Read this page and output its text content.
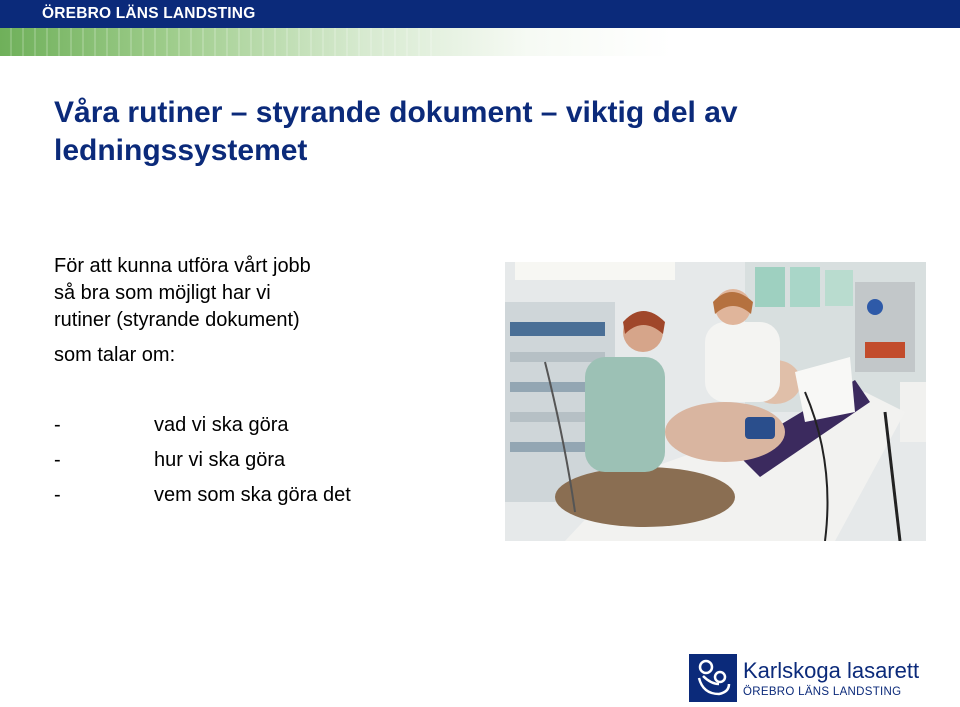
ÖREBRO LÄNS LANDSTING
Våra rutiner – styrande dokument – viktig del av ledningssystemet
För att kunna utföra vårt jobb
så bra som möjligt har vi
rutiner (styrande dokument)
som talar om:
-	vad vi ska göra
-	hur vi ska göra
-	vem som ska göra det
Karlskoga lasarett
ÖREBRO LÄNS LANDSTING
